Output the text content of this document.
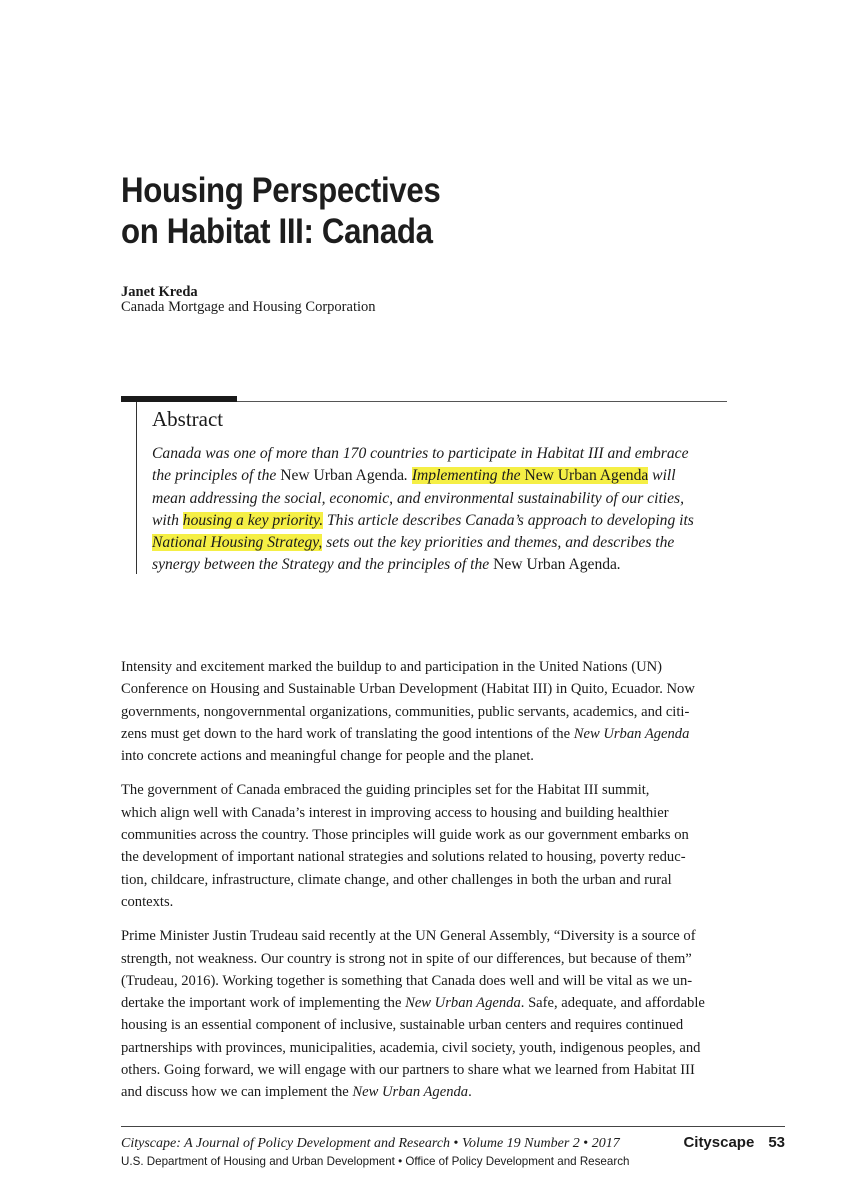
Housing Perspectives
on Habitat III: Canada
Janet Kreda
Canada Mortgage and Housing Corporation
Abstract

Canada was one of more than 170 countries to participate in Habitat III and embrace
the principles of the New Urban Agenda. Implementing the New Urban Agenda will
mean addressing the social, economic, and environmental sustainability of our cities,
with housing a key priority. This article describes Canada’s approach to developing its
National Housing Strategy, sets out the key priorities and themes, and describes the
synergy between the Strategy and the principles of the New Urban Agenda.

Intensity and excitement marked the buildup to and participation in the United Nations (UN)
Conference on Housing and Sustainable Urban Development (Habitat III) in Quito, Ecuador. Now
governments, nongovernmental organizations, communities, public servants, academics, and citi-
zens must get down to the hard work of translating the good intentions of the New Urban Agenda
into concrete actions and meaningful change for people and the planet.

The government of Canada embraced the guiding principles set for the Habitat III summit,
which align well with Canada’s interest in improving access to housing and building healthier
communities across the country. Those principles will guide work as our government embarks on
the development of important national strategies and solutions related to housing, poverty reduc-
tion, childcare, infrastructure, climate change, and other challenges in both the urban and rural
contexts.

Prime Minister Justin Trudeau said recently at the UN General Assembly, “Diversity is a source of
strength, not weakness. Our country is strong not in spite of our differences, but because of them”
(Trudeau, 2016). Working together is something that Canada does well and will be vital as we un-
dertake the important work of implementing the New Urban Agenda. Safe, adequate, and affordable
housing is an essential component of inclusive, sustainable urban centers and requires continued
partnerships with provinces, municipalities, academia, civil society, youth, indigenous peoples, and
others. Going forward, we will engage with our partners to share what we learned from Habitat III
and discuss how we can implement the New Urban Agenda.

Cityscape: A Journal of Policy Development and Research • Volume 19 Number 2 • 2017
U.S. Department of Housing and Urban Development • Office of Policy Development and Research
Cityscape 53
